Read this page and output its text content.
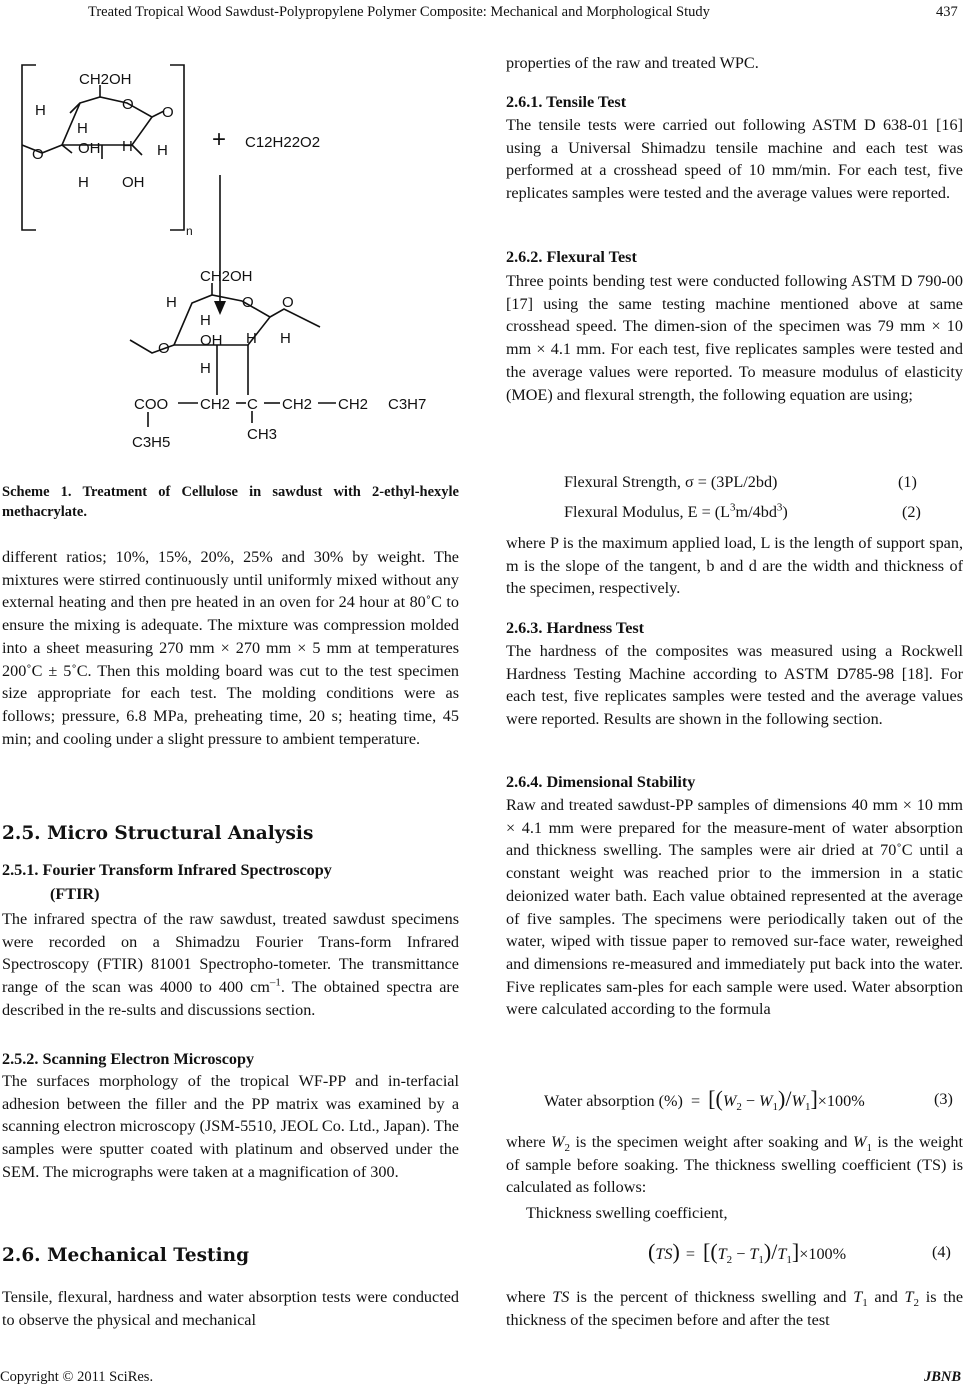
Treated Tropical Wood Sawdust-Polypropylene Polymer Composite: Mechanical and Morphological Study	437
CH2OH
H	O O
H
O OH H H
H OH
n
+ C12H22O2
CH2OH
H	O O
H
O OH H H
H
COO CH2 C CH2 CH2 C3H7
CH3
C3H5

Scheme 1. Treatment of Cellulose in sawdust with 2-ethyl-hexyle methacrylate.

different ratios; 10%, 15%, 20%, 25% and 30% by weight. The mixtures were stirred continuously until uniformly mixed without any external heating and then pre heated in an oven for 24 hour at 80˚C to ensure the mixing is adequate. The mixture was compression molded into a sheet measuring 270 mm × 270 mm × 5 mm at temperatures 200˚C ± 5˚C. Then this molding board was cut to the test specimen size appropriate for each test. The molding conditions were as follows; pressure, 6.8 MPa, preheating time, 20 s; heating time, 45 min; and cooling under a slight pressure to ambient temperature.

2.5. Micro Structural Analysis
2.5.1. Fourier Transform Infrared Spectroscopy
(FTIR)

The infrared spectra of the raw sawdust, treated sawdust specimens were recorded on a Shimadzu Fourier Trans-form Infrared Spectroscopy (FTIR) 81001 Spectropho-tometer. The transmittance range of the scan was 4000 to 400 $cm^{-1}$. The obtained spectra are described in the re-sults and discussions section.

2.5.2. Scanning Electron Microscopy

The surfaces morphology of the tropical WF-PP and in-terfacial adhesion between the filler and the PP matrix was examined by a scanning electron microscopy (JSM-5510, JEOL Co. Ltd., Japan). The samples were sputter coated with platinum and observed under the SEM. The micrographs were taken at a magnification of 300.

2.6. Mechanical Testing

Tensile, flexural, hardness and water absorption tests were conducted to observe the physical and mechanical

properties of the raw and treated WPC.

2.6.1. Tensile Test

The tensile tests were carried out following ASTM D 638-01 [16] using a Universal Shimadzu tensile machine and each test was performed at a crosshead speed of 10 mm/min. For each test, five replicates samples were tested and the average values were reported.

2.6.2. Flexural Test

Three points bending test were conducted following ASTM D 790-00 [17] using the same testing machine mentioned above at same crosshead speed. The dimen-sion of the specimen was 79 mm × 10 mm × 4.1 mm. For each test, five replicates samples were tested and the average values were reported. To measure modulus of elasticity (MOE) and flexural strength, the following equation are using;

Flexural Strength, σ = (3PL/2bd)	(1)
Flexural Modulus, $E = (L^3m/4bd^3)$	(2)

where P is the maximum applied load, L is the length of support span, m is the slope of the tangent, b and d are the width and thickness of the specimen, respectively.

2.6.3. Hardness Test

The hardness of the composites was measured using a Rockwell Hardness Testing Machine according to ASTM D785-98 [18]. For each test, five replicates samples were tested and the average values were reported. Results are shown in the following section.

2.6.4. Dimensional Stability

Raw and treated sawdust-PP samples of dimensions 40 mm × 10 mm × 4.1 mm were prepared for the measure-ment of water absorption and thickness swelling. The samples were air dried at 70˚C until a constant weight was reached prior to the immersion in a static deionized water bath. Each value obtained represented at the average of five samples. The specimens were periodically taken out of the water, wiped with tissue paper to removed sur-face water, reweighed and dimensions re-measured and immediately put back into the water. Five replicates sam-ples for each sample were used. Water absorption were calculated according to the formula

Water absorption (%) = $[(W_2 - W_1)/W_1]\times 100\%$	(3)

where $W_2$ is the specimen weight after soaking and $W_1$ is the weight of sample before soaking. The thickness swelling coefficient (TS) is calculated as follows:

Thickness swelling coefficient,

$(TS) = [(T_2 - T_1)/T_1]\times 100\%$	(4)

where TS is the percent of thickness swelling and $T_1$ and $T_2$ is the thickness of the specimen before and after the test

Copyright © 2011 SciRes.	JBNB
